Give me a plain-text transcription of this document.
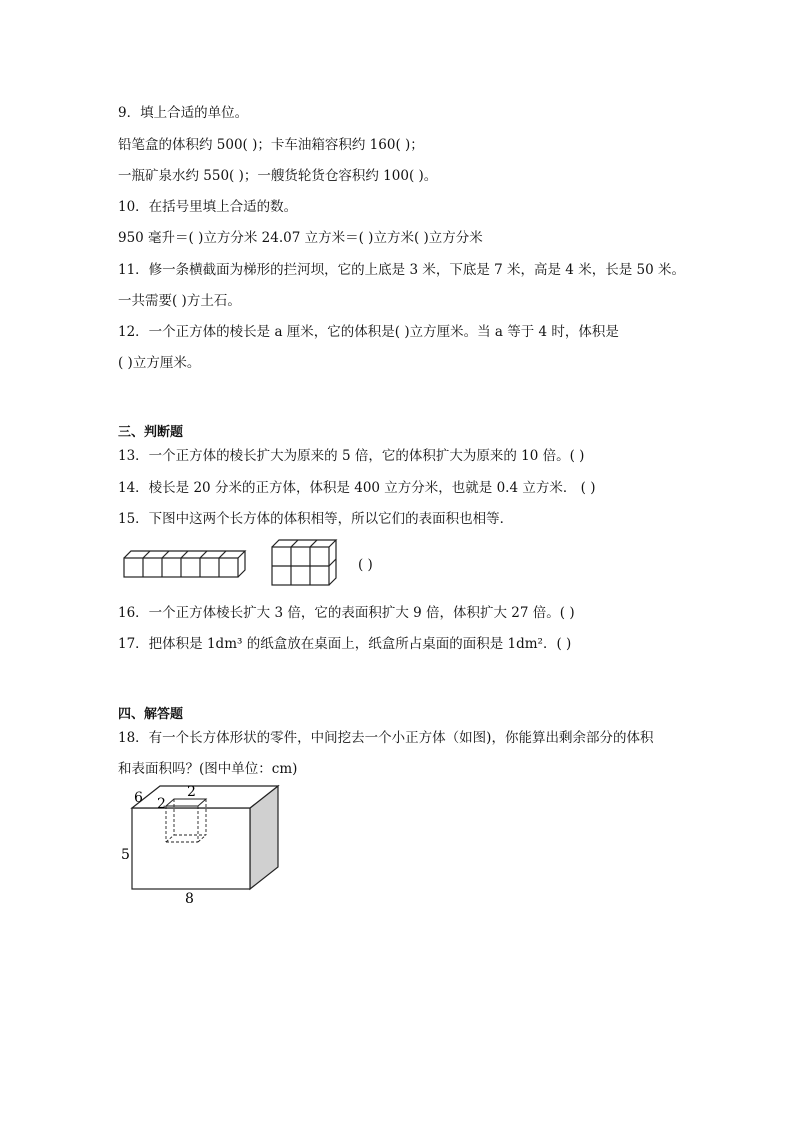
9．填上合适的单位。
铅笔盒的体积约 500( )；卡车油箱容积约 160( )；
一瓶矿泉水约 550( )；一艘货轮货仓容积约 100( )。
10．在括号里填上合适的数。
950 毫升＝( )立方分米 24.07 立方米＝( )立方米( )立方分米
11．修一条横截面为梯形的拦河坝，它的上底是 3 米，下底是 7 米，高是 4 米，长是 50 米。
一共需要( )方土石。
12．一个正方体的棱长是 a 厘米，它的体积是( )立方厘米。当 a 等于 4 时，体积是
( )立方厘米。
三、判断题
13．一个正方体的棱长扩大为原来的 5 倍，它的体积扩大为原来的 10 倍。( )
14．棱长是 20 分米的正方体，体积是 400 立方分米，也就是 0.4 立方米． ( )
15．下图中这两个长方体的体积相等，所以它们的表面积也相等．
( )
16．一个正方体棱长扩大 3 倍，它的表面积扩大 9 倍，体积扩大 27 倍。( )
17．把体积是 1dm³ 的纸盒放在桌面上，纸盒所占桌面的面积是 1dm²．( )
四、解答题
18．有一个长方体形状的零件，中间挖去一个小正方体（如图)，你能算出剩余部分的体积
和表面积吗？(图中单位：cm)
6	2
2
5
8
